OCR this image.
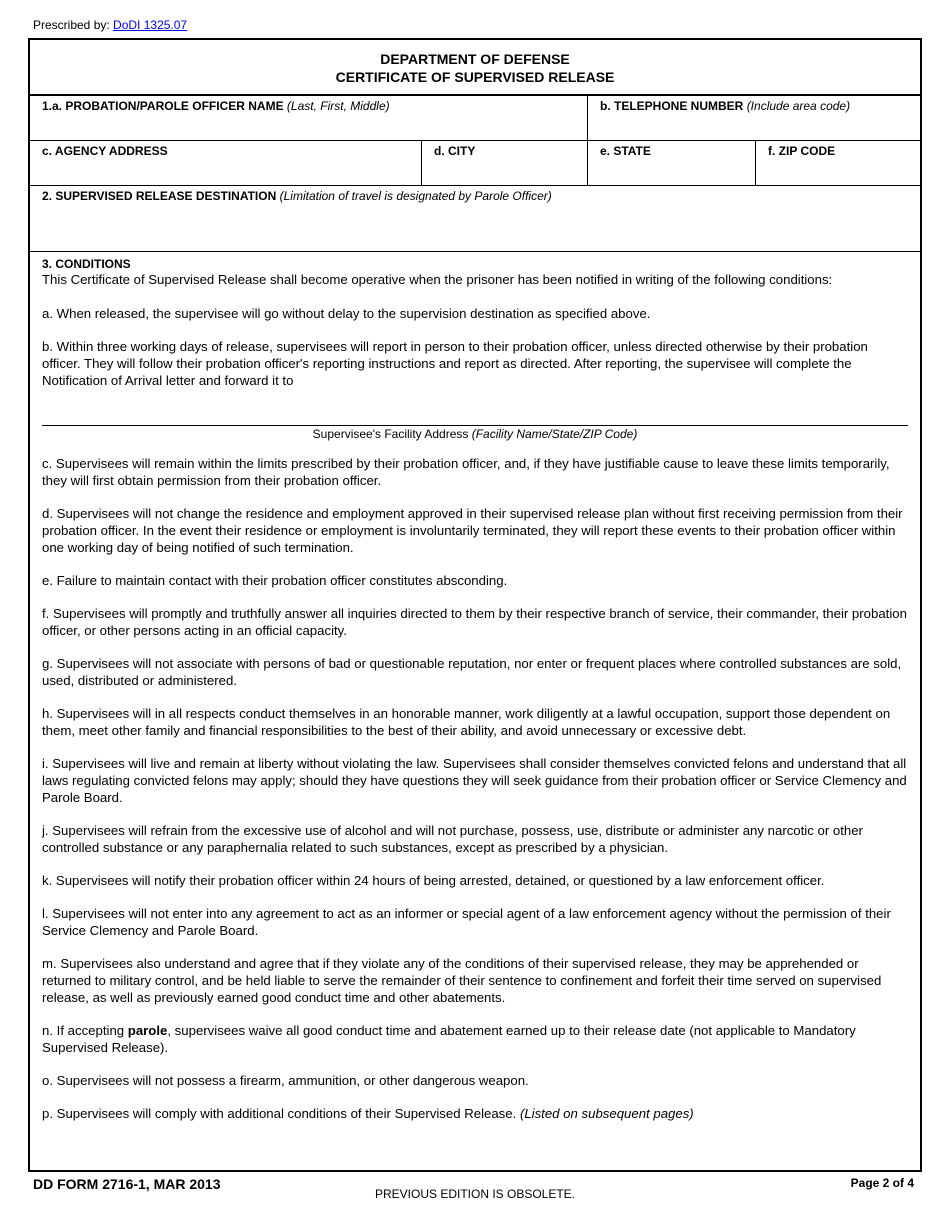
Prescribed by: DoDI 1325.07
DEPARTMENT OF DEFENSE
CERTIFICATE OF SUPERVISED RELEASE
1.a. PROBATION/PAROLE OFFICER NAME (Last, First, Middle)	b. TELEPHONE NUMBER (Include area code)
c. AGENCY ADDRESS	d. CITY	e. STATE	f. ZIP CODE
2. SUPERVISED RELEASE DESTINATION (Limitation of travel is designated by Parole Officer)
3. CONDITIONS

This Certificate of Supervised Release shall become operative when the prisoner has been notified in writing of the following conditions:

a. When released, the supervisee will go without delay to the supervision destination as specified above.

b. Within three working days of release, supervisees will report in person to their probation officer, unless directed otherwise by their probation officer. They will follow their probation officer's reporting instructions and report as directed. After reporting, the supervisee will complete the Notification of Arrival letter and forward it to

Supervisee's Facility Address (Facility Name/State/ZIP Code)

c. Supervisees will remain within the limits prescribed by their probation officer, and, if they have justifiable cause to leave these limits temporarily, they will first obtain permission from their probation officer.

d. Supervisees will not change the residence and employment approved in their supervised release plan without first receiving permission from their probation officer. In the event their residence or employment is involuntarily terminated, they will report these events to their probation officer within one working day of being notified of such termination.

e. Failure to maintain contact with their probation officer constitutes absconding.

f. Supervisees will promptly and truthfully answer all inquiries directed to them by their respective branch of service, their commander, their probation officer, or other persons acting in an official capacity.

g. Supervisees will not associate with persons of bad or questionable reputation, nor enter or frequent places where controlled substances are sold, used, distributed or administered.

h. Supervisees will in all respects conduct themselves in an honorable manner, work diligently at a lawful occupation, support those dependent on them, meet other family and financial responsibilities to the best of their ability, and avoid unnecessary or excessive debt.

i. Supervisees will live and remain at liberty without violating the law. Supervisees shall consider themselves convicted felons and understand that all laws regulating convicted felons may apply; should they have questions they will seek guidance from their probation officer or Service Clemency and Parole Board.

j. Supervisees will refrain from the excessive use of alcohol and will not purchase, possess, use, distribute or administer any narcotic or other controlled substance or any paraphernalia related to such substances, except as prescribed by a physician.

k. Supervisees will notify their probation officer within 24 hours of being arrested, detained, or questioned by a law enforcement officer.

l. Supervisees will not enter into any agreement to act as an informer or special agent of a law enforcement agency without the permission of their Service Clemency and Parole Board.

m. Supervisees also understand and agree that if they violate any of the conditions of their supervised release, they may be apprehended or returned to military control, and be held liable to serve the remainder of their sentence to confinement and forfeit their time served on supervised release, as well as previously earned good conduct time and other abatements.

n. If accepting parole, supervisees waive all good conduct time and abatement earned up to their release date (not applicable to Mandatory Supervised Release).

o. Supervisees will not possess a firearm, ammunition, or other dangerous weapon.

p. Supervisees will comply with additional conditions of their Supervised Release. (Listed on subsequent pages)

DD FORM 2716-1, MAR 2013
PREVIOUS EDITION IS OBSOLETE.
Page 2 of 4
